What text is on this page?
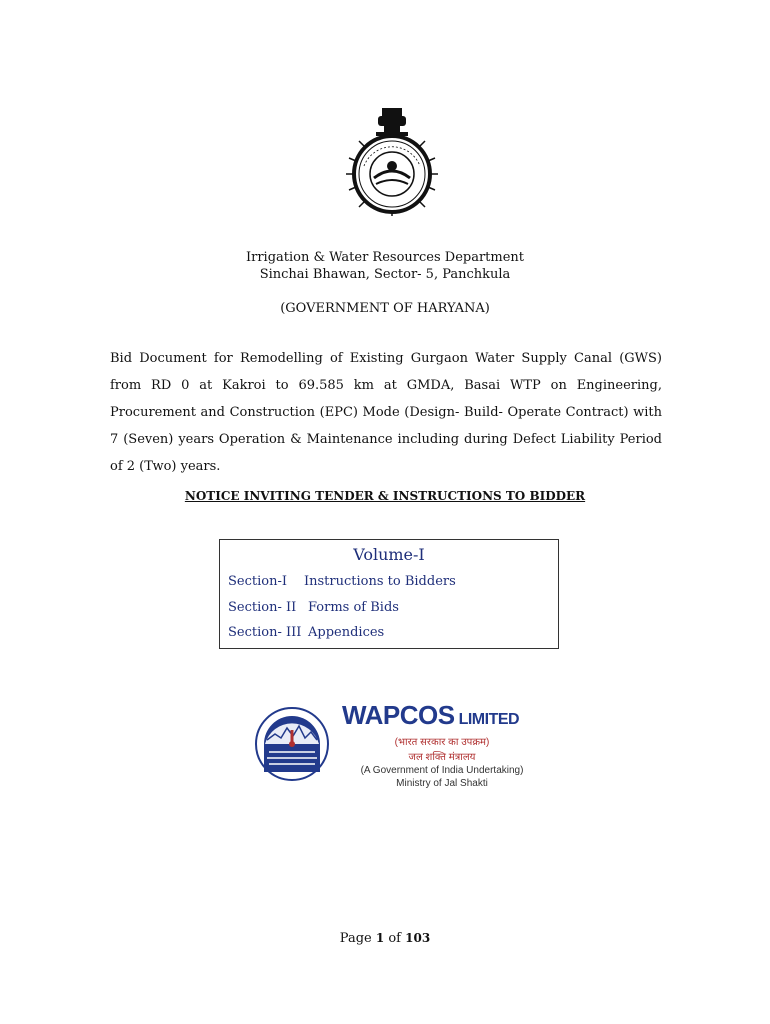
Irrigation & Water Resources Department
Sinchai Bhawan, Sector- 5, Panchkula
(GOVERNMENT OF HARYANA)
Bid Document for Remodelling of Existing Gurgaon Water Supply Canal (GWS) from RD 0 at Kakroi to 69.585 km at GMDA, Basai WTP on Engineering, Procurement and Construction (EPC) Mode (Design- Build- Operate Contract) with 7 (Seven) years Operation & Maintenance including during Defect Liability Period of 2 (Two) years.
NOTICE INVITING TENDER & INSTRUCTIONS TO BIDDER
Volume-I
Section-I Instructions to Bidders
Section- II Forms of Bids
Section- III Appendices
WAPCOS LIMITED
(भारत सरकार का उपक्रम)
जल शक्ति मंत्रालय
(A Government of India Undertaking)
Ministry of Jal Shakti
Page 1 of 103
